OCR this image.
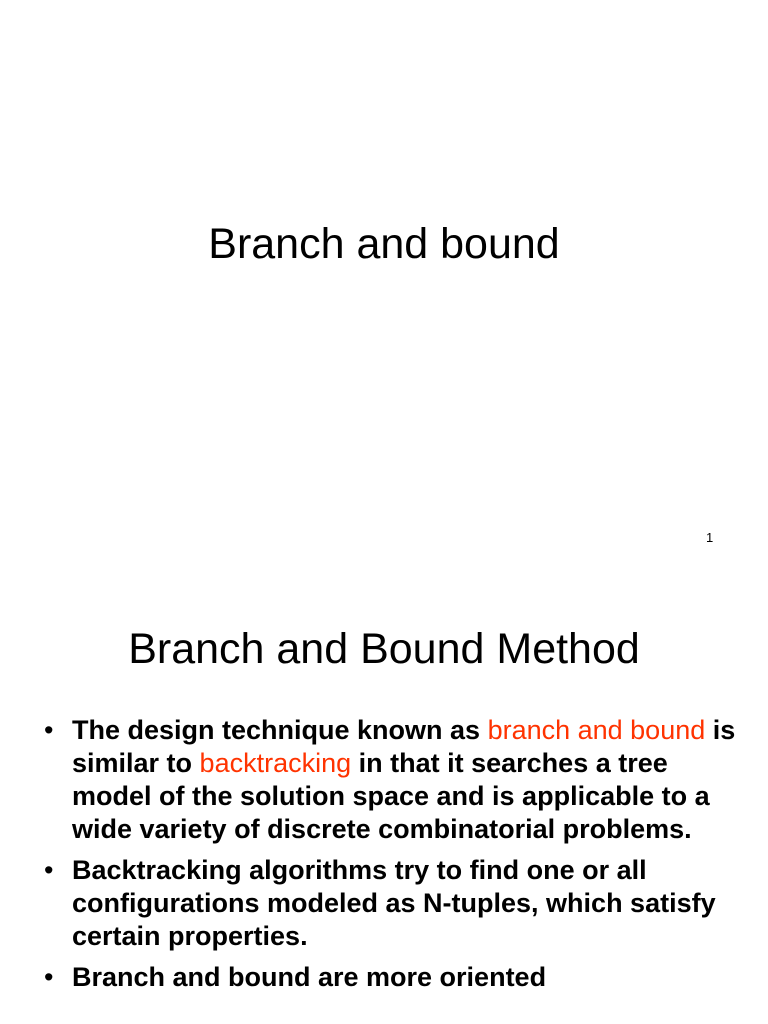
Branch and bound
1
Branch and Bound Method
• The design technique known as branch and bound is similar to backtracking in that it searches a tree model of the solution space and is applicable to a wide variety of discrete combinatorial problems.
• Backtracking algorithms try to find one or all configurations modeled as N-tuples, which satisfy certain properties.
• Branch and bound are more oriented
